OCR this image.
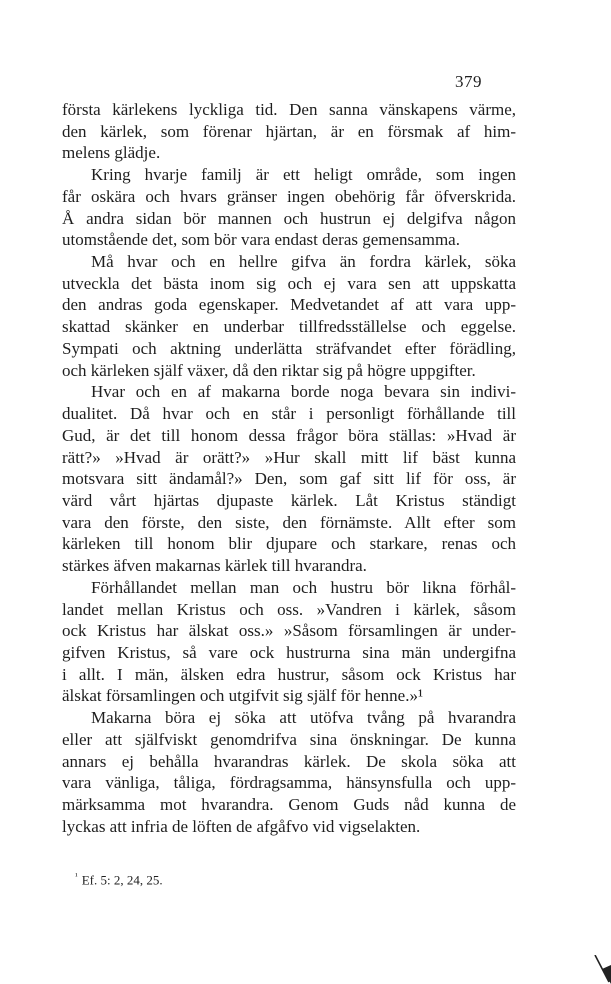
379
första kärlekens lyckliga tid. Den sanna vänskapens värme,
den kärlek, som förenar hjärtan, är en försmak af him-
melens glädje.
Kring hvarje familj är ett heligt område, som ingen
får oskära och hvars gränser ingen obehörig får öfverskrida.
Å andra sidan bör mannen och hustrun ej delgifva någon
utomstående det, som bör vara endast deras gemensamma.
Må hvar och en hellre gifva än fordra kärlek, söka
utveckla det bästa inom sig och ej vara sen att uppskatta
den andras goda egenskaper. Medvetandet af att vara upp-
skattad skänker en underbar tillfredsställelse och eggelse.
Sympati och aktning underlätta sträfvandet efter förädling,
och kärleken själf växer, då den riktar sig på högre uppgifter.
Hvar och en af makarna borde noga bevara sin indivi-
dualitet. Då hvar och en står i personligt förhållande till
Gud, är det till honom dessa frågor böra ställas: »Hvad är
rätt?» »Hvad är orätt?» »Hur skall mitt lif bäst kunna
motsvara sitt ändamål?» Den, som gaf sitt lif för oss, är
värd vårt hjärtas djupaste kärlek. Låt Kristus ständigt
vara den förste, den siste, den förnämste. Allt efter som
kärleken till honom blir djupare och starkare, renas och
stärkes äfven makarnas kärlek till hvarandra.
Förhållandet mellan man och hustru bör likna förhål-
landet mellan Kristus och oss. »Vandren i kärlek, såsom
ock Kristus har älskat oss.» »Såsom församlingen är under-
gifven Kristus, så vare ock hustrurna sina män undergifna
i allt. I män, älsken edra hustrur, såsom ock Kristus har
älskat församlingen och utgifvit sig själf för henne.»¹
Makarna böra ej söka att utöfva tvång på hvarandra
eller att själfviskt genomdrifva sina önskningar. De kunna
annars ej behålla hvarandras kärlek. De skola söka att
vara vänliga, tåliga, fördragsamma, hänsynsfulla och upp-
märksamma mot hvarandra. Genom Guds nåd kunna de
lyckas att infria de löften de afgåfvo vid vigselakten.
$^{^1}$ Ef. 5: 2, 24, 25.
